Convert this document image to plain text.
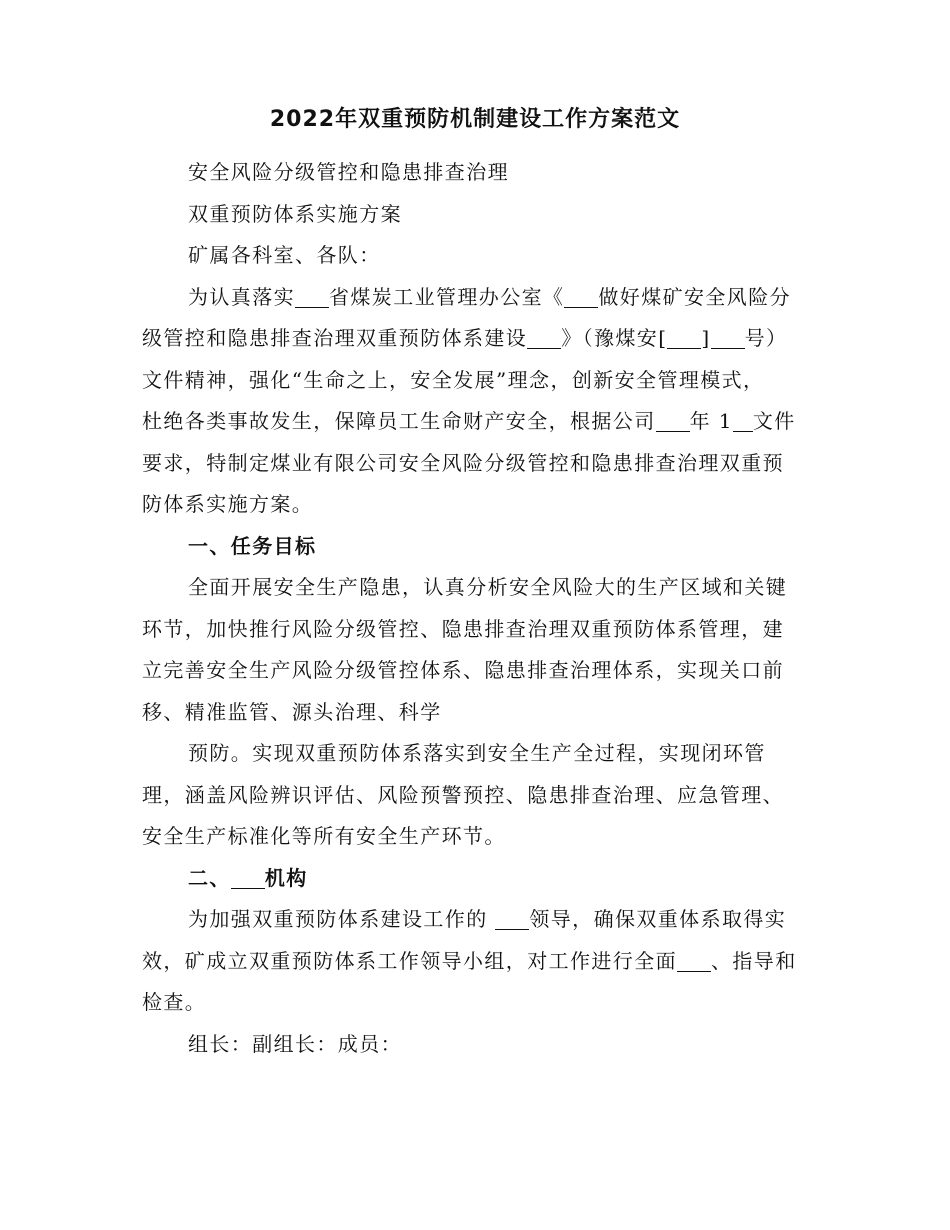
2022年双重预防机制建设工作方案范文
安全风险分级管控和隐患排查治理
双重预防体系实施方案
矿属各科室、各队：
为认真落实 省煤炭工业管理办公室《 做好煤矿安全风险分
级管控和隐患排查治理双重预防体系建设 》（豫煤安[ ] 号）
文件精神，强化“生命之上，安全发展”理念，创新安全管理模式，
杜绝各类事故发生，保障员工生命财产安全，根据公司 年 1 文件
要求，特制定煤业有限公司安全风险分级管控和隐患排查治理双重预
防体系实施方案。
一、任务目标
全面开展安全生产隐患，认真分析安全风险大的生产区域和关键
环节，加快推行风险分级管控、隐患排查治理双重预防体系管理，建
立完善安全生产风险分级管控体系、隐患排查治理体系，实现关口前
移、精准监管、源头治理、科学
预防。实现双重预防体系落实到安全生产全过程，实现闭环管
理，涵盖风险辨识评估、风险预警预控、隐患排查治理、应急管理、
安全生产标准化等所有安全生产环节。
二、 机构
为加强双重预防体系建设工作的 领导，确保双重体系取得实
效，矿成立双重预防体系工作领导小组，对工作进行全面 、指导和
检查。
组长：副组长：成员：
